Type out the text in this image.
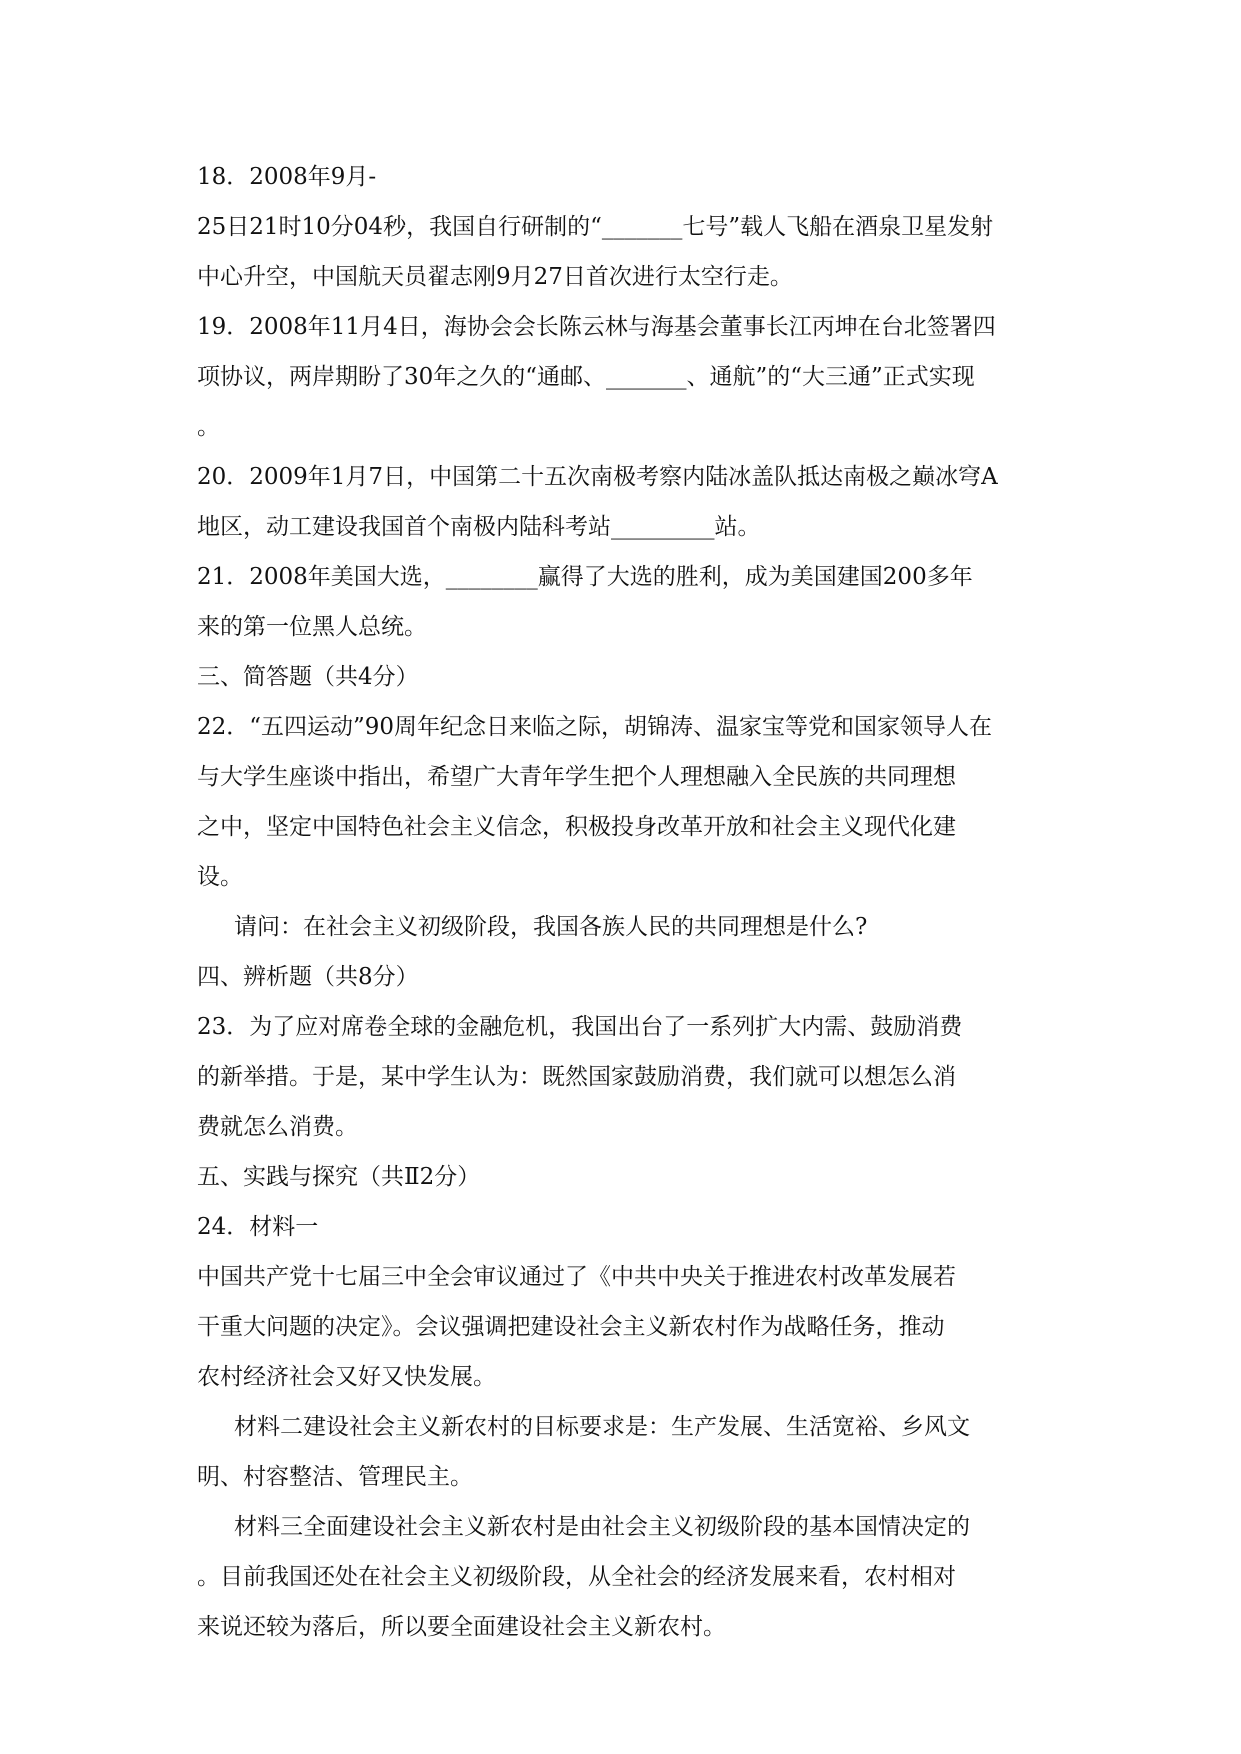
18．2008年9月-
25日21时10分04秒，我国自行研制的“_______七号”载人飞船在酒泉卫星发射
中心升空，中国航天员翟志刚9月27日首次进行太空行走。
19．2008年11月4日，海协会会长陈云林与海基会董事长江丙坤在台北签署四
项协议，两岸期盼了30年之久的“通邮、_______、通航”的“大三通”正式实现
。
20．2009年1月7日，中国第二十五次南极考察内陆冰盖队抵达南极之巅冰穹A
地区，动工建设我国首个南极内陆科考站_________站。
21．2008年美国大选，________赢得了大选的胜利，成为美国建国200多年
来的第一位黑人总统。
三、简答题（共4分）
22．“五四运动”90周年纪念日来临之际，胡锦涛、温家宝等党和国家领导人在
与大学生座谈中指出，希望广大青年学生把个人理想融入全民族的共同理想
之中，坚定中国特色社会主义信念，积极投身改革开放和社会主义现代化建
设。
请问：在社会主义初级阶段，我国各族人民的共同理想是什么?
四、辨析题（共8分）
23．为了应对席卷全球的金融危机，我国出台了一系列扩大内需、鼓励消费
的新举措。于是，某中学生认为：既然国家鼓励消费，我们就可以想怎么消
费就怎么消费。
五、实践与探究（共Ⅱ2分）
24．材料一
中国共产党十七届三中全会审议通过了《中共中央关于推进农村改革发展若
干重大问题的决定》。会议强调把建设社会主义新农村作为战略任务，推动
农村经济社会又好又快发展。
材料二建设社会主义新农村的目标要求是：生产发展、生活宽裕、乡风文
明、村容整洁、管理民主。
材料三全面建设社会主义新农村是由社会主义初级阶段的基本国情决定的
。目前我国还处在社会主义初级阶段，从全社会的经济发展来看，农村相对
来说还较为落后，所以要全面建设社会主义新农村。
